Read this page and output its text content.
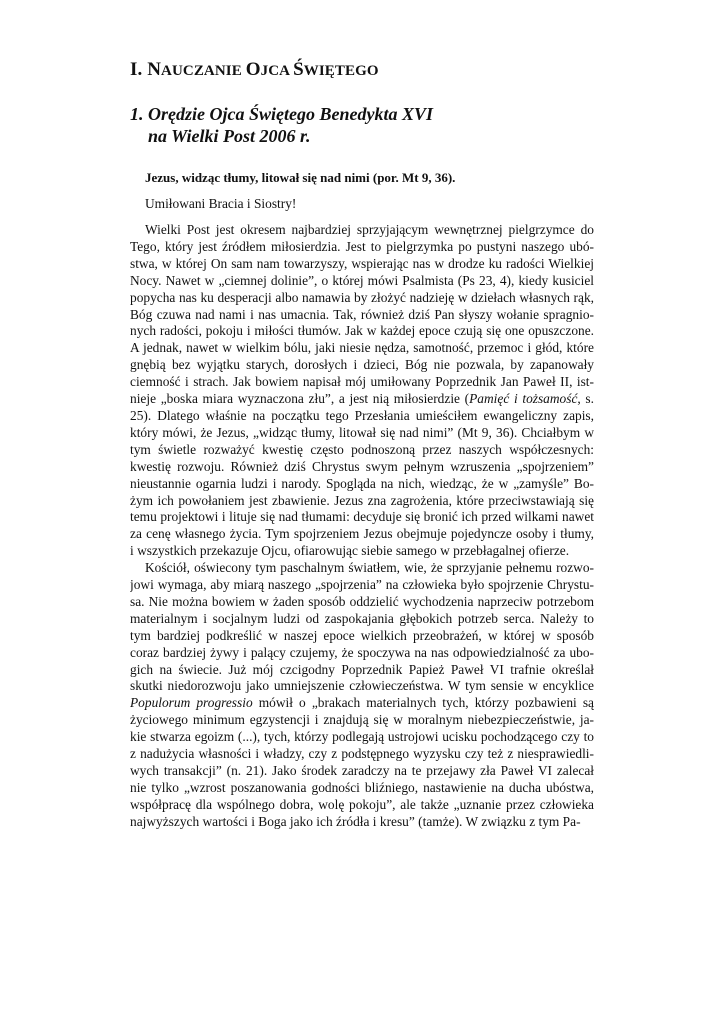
I. NAUCZANIE OJCA ŚWIĘTEGO
1. Orędzie Ojca Świętego Benedykta XVI
na Wielki Post 2006 r.

Jezus, widząc tłumy, litował się nad nimi (por. Mt 9, 36).

Umiłowani Bracia i Siostry!

Wielki Post jest okresem najbardziej sprzyjającym wewnętrznej pielgrzymce do
Tego, który jest źródłem miłosierdzia. Jest to pielgrzymka po pustyni naszego ubó-
stwa, w której On sam nam towarzyszy, wspierając nas w drodze ku radości Wielkiej
Nocy. Nawet w „ciemnej dolinie”, o której mówi Psalmista (Ps 23, 4), kiedy kusiciel
popycha nas ku desperacji albo namawia by złożyć nadzieję w dziełach własnych rąk,
Bóg czuwa nad nami i nas umacnia. Tak, również dziś Pan słyszy wołanie spragnio-
nych radości, pokoju i miłości tłumów. Jak w każdej epoce czują się one opuszczone.
A jednak, nawet w wielkim bólu, jaki niesie nędza, samotność, przemoc i głód, które
gnębią bez wyjątku starych, dorosłych i dzieci, Bóg nie pozwala, by zapanowały
ciemność i strach. Jak bowiem napisał mój umiłowany Poprzednik Jan Paweł II, ist-
nieje „boska miara wyznaczona złu”, a jest nią miłosierdzie (Pamięć i tożsamość, s.
25). Dlatego właśnie na początku tego Przesłania umieściłem ewangeliczny zapis,
który mówi, że Jezus, „widząc tłumy, litował się nad nimi” (Mt 9, 36). Chciałbym w
tym świetle rozważyć kwestię często podnoszoną przez naszych współczesnych:
kwestię rozwoju. Również dziś Chrystus swym pełnym wzruszenia „spojrzeniem”
nieustannie ogarnia ludzi i narody. Spogląda na nich, wiedząc, że w „zamyśle” Bo-
żym ich powołaniem jest zbawienie. Jezus zna zagrożenia, które przeciwstawiają się
temu projektowi i lituje się nad tłumami: decyduje się bronić ich przed wilkami nawet
za cenę własnego życia. Tym spojrzeniem Jezus obejmuje pojedyncze osoby i tłumy,
i wszystkich przekazuje Ojcu, ofiarowując siebie samego w przebłagalnej ofierze.
Kościół, oświecony tym paschalnym światłem, wie, że sprzyjanie pełnemu rozwo-
jowi wymaga, aby miarą naszego „spojrzenia” na człowieka było spojrzenie Chrystu-
sa. Nie można bowiem w żaden sposób oddzielić wychodzenia naprzeciw potrzebom
materialnym i socjalnym ludzi od zaspokajania głębokich potrzeb serca. Należy to
tym bardziej podkreślić w naszej epoce wielkich przeobrażeń, w której w sposób
coraz bardziej żywy i palący czujemy, że spoczywa na nas odpowiedzialność za ubo-
gich na świecie. Już mój czcigodny Poprzednik Papież Paweł VI trafnie określał
skutki niedorozwoju jako umniejszenie człowieczeństwa. W tym sensie w encyklice
Populorum progressio mówił o „brakach materialnych tych, którzy pozbawieni są
życiowego minimum egzystencji i znajdują się w moralnym niebezpieczeństwie, ja-
kie stwarza egoizm (...), tych, którzy podlegają ustrojowi ucisku pochodzącego czy to
z nadużycia własności i władzy, czy z podstępnego wyzysku czy też z niesprawiedli-
wych transakcji” (n. 21). Jako środek zaradczy na te przejawy zła Paweł VI zalecał
nie tylko „wzrost poszanowania godności bliźniego, nastawienie na ducha ubóstwa,
współpracę dla wspólnego dobra, wolę pokoju”, ale także „uznanie przez człowieka
najwyższych wartości i Boga jako ich źródła i kresu” (tamże). W związku z tym Pa-
